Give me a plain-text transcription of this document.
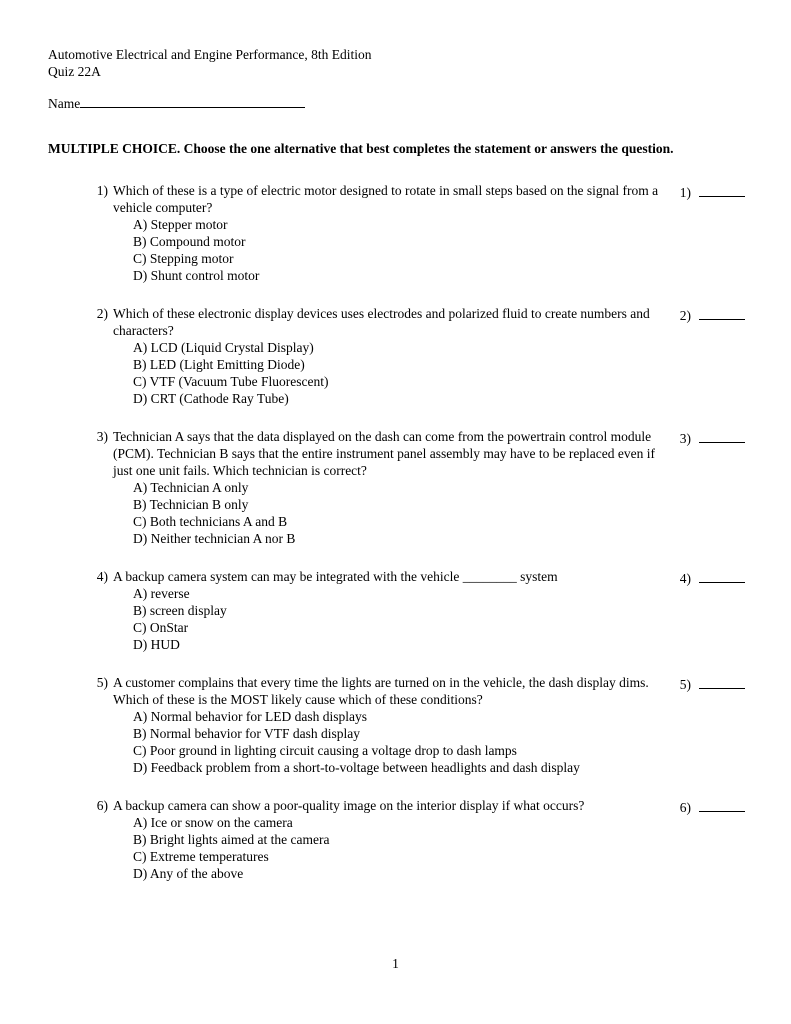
Automotive Electrical and Engine Performance, 8th Edition
Quiz 22A
Name
MULTIPLE CHOICE. Choose the one alternative that best completes the statement or answers the question.
1) Which of these is a type of electric motor designed to rotate in small steps based on the signal from a vehicle computer?
A) Stepper motor
B) Compound motor
C) Stepping motor
D) Shunt control motor
1)
2) Which of these electronic display devices uses electrodes and polarized fluid to create numbers and characters?
A) LCD (Liquid Crystal Display)
B) LED (Light Emitting Diode)
C) VTF (Vacuum Tube Fluorescent)
D) CRT (Cathode Ray Tube)
2)
3) Technician A says that the data displayed on the dash can come from the powertrain control module (PCM). Technician B says that the entire instrument panel assembly may have to be replaced even if just one unit fails. Which technician is correct?
A) Technician A only
B) Technician B only
C) Both technicians A and B
D) Neither technician A nor B
3)
4) A backup camera system can may be integrated with the vehicle ________ system
A) reverse
B) screen display
C) OnStar
D) HUD
4)
5) A customer complains that every time the lights are turned on in the vehicle, the dash display dims. Which of these is the MOST likely cause which of these conditions?
A) Normal behavior for LED dash displays
B) Normal behavior for VTF dash display
C) Poor ground in lighting circuit causing a voltage drop to dash lamps
D) Feedback problem from a short-to-voltage between headlights and dash display
5)
6) A backup camera can show a poor-quality image on the interior display if what occurs?
A) Ice or snow on the camera
B) Bright lights aimed at the camera
C) Extreme temperatures
D) Any of the above
6)
1
